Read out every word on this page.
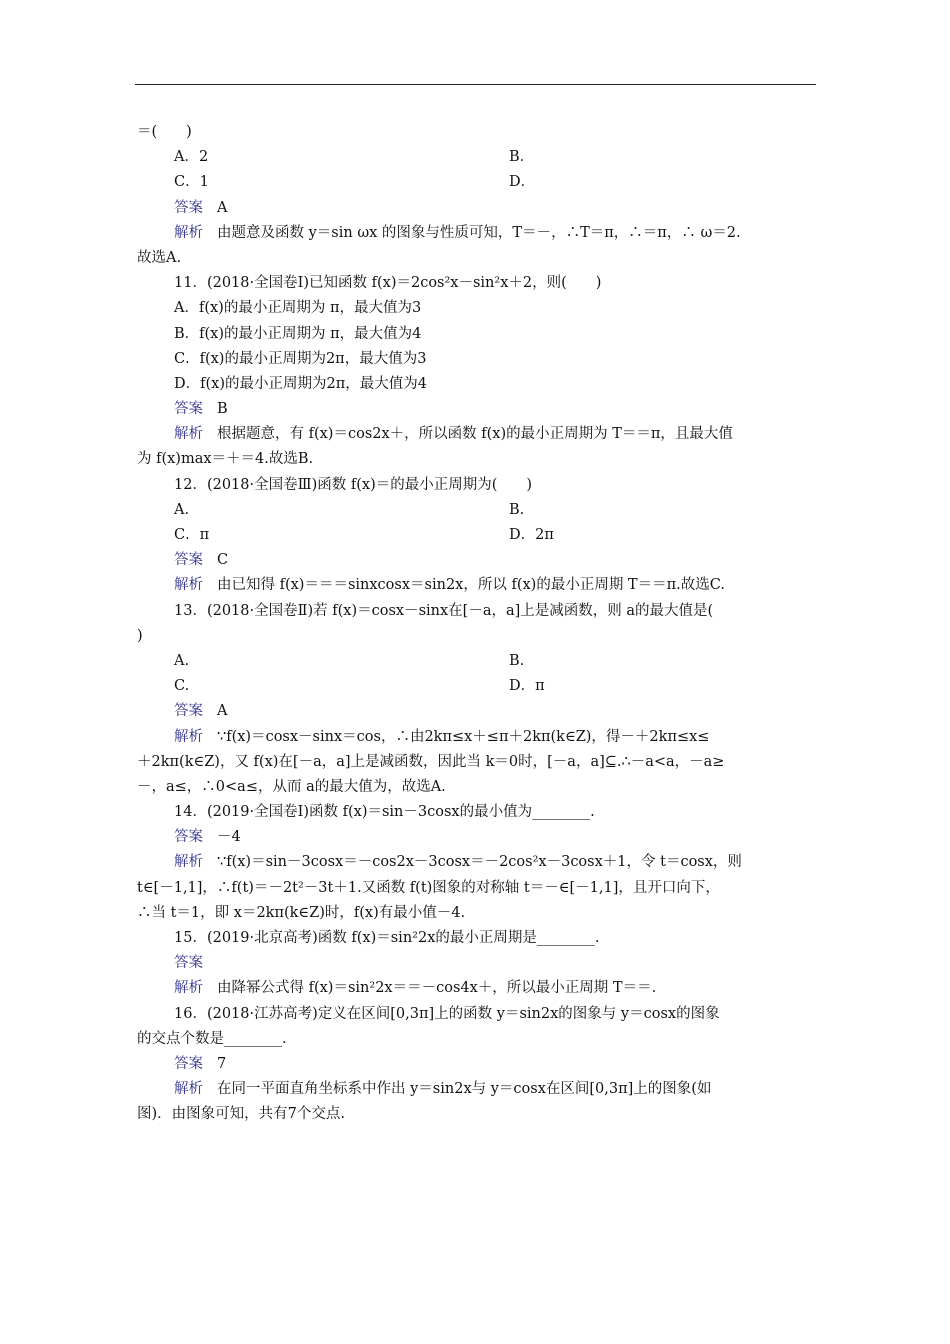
＝(　　)
A．2	B．
C．1	D．
答案 A
解析 由题意及函数 y＝sin ωx 的图象与性质可知，T＝－，∴T＝π，∴＝π，∴ ω＝2.
故选A.
11．(2018·全国卷Ⅰ)已知函数 f(x)＝2cos²x－sin²x＋2，则(　　)
A．f(x)的最小正周期为 π，最大值为3
B．f(x)的最小正周期为 π，最大值为4
C．f(x)的最小正周期为2π，最大值为3
D．f(x)的最小正周期为2π，最大值为4
答案 B
解析 根据题意，有 f(x)＝cos2x＋，所以函数 f(x)的最小正周期为 T＝＝π，且最大值
为 f(x)max＝＋＝4.故选B.
12．(2018·全国卷Ⅲ)函数 f(x)＝的最小正周期为(　　)
A.	B.
C．π	D．2π
答案 C
解析 由已知得 f(x)＝＝＝sinxcosx＝sin2x，所以 f(x)的最小正周期 T＝＝π.故选C.
13．(2018·全国卷Ⅱ)若 f(x)＝cosx－sinx在[－a，a]上是减函数，则 a的最大值是(
)
A.	B.
C.	D．π
答案 A
解析 ∵f(x)＝cosx－sinx＝cos，∴由2kπ≤x＋≤π＋2kπ(k∈Z)，得－＋2kπ≤x≤
＋2kπ(k∈Z)，又 f(x)在[－a，a]上是减函数，因此当 k＝0时，[－a，a]⊆.∴－a<a，－a≥
－，a≤，∴0<a≤，从而 a的最大值为，故选A.
14．(2019·全国卷Ⅰ)函数 f(x)＝sin－3cosx的最小值为________.
答案 －4
解析 ∵f(x)＝sin－3cosx＝－cos2x－3cosx＝－2cos²x－3cosx＋1，令 t＝cosx，则
t∈[－1,1]，∴f(t)＝－2t²－3t＋1.又函数 f(t)图象的对称轴 t＝－∈[－1,1]，且开口向下，
∴当 t＝1，即 x＝2kπ(k∈Z)时，f(x)有最小值－4.
15．(2019·北京高考)函数 f(x)＝sin²2x的最小正周期是________.
答案
解析 由降幂公式得 f(x)＝sin²2x＝＝－cos4x＋，所以最小正周期 T＝＝.
16．(2018·江苏高考)定义在区间[0,3π]上的函数 y＝sin2x的图象与 y＝cosx的图象
的交点个数是________.
答案 7
解析 在同一平面直角坐标系中作出 y＝sin2x与 y＝cosx在区间[0,3π]上的图象(如
图)．由图象可知，共有7个交点.
